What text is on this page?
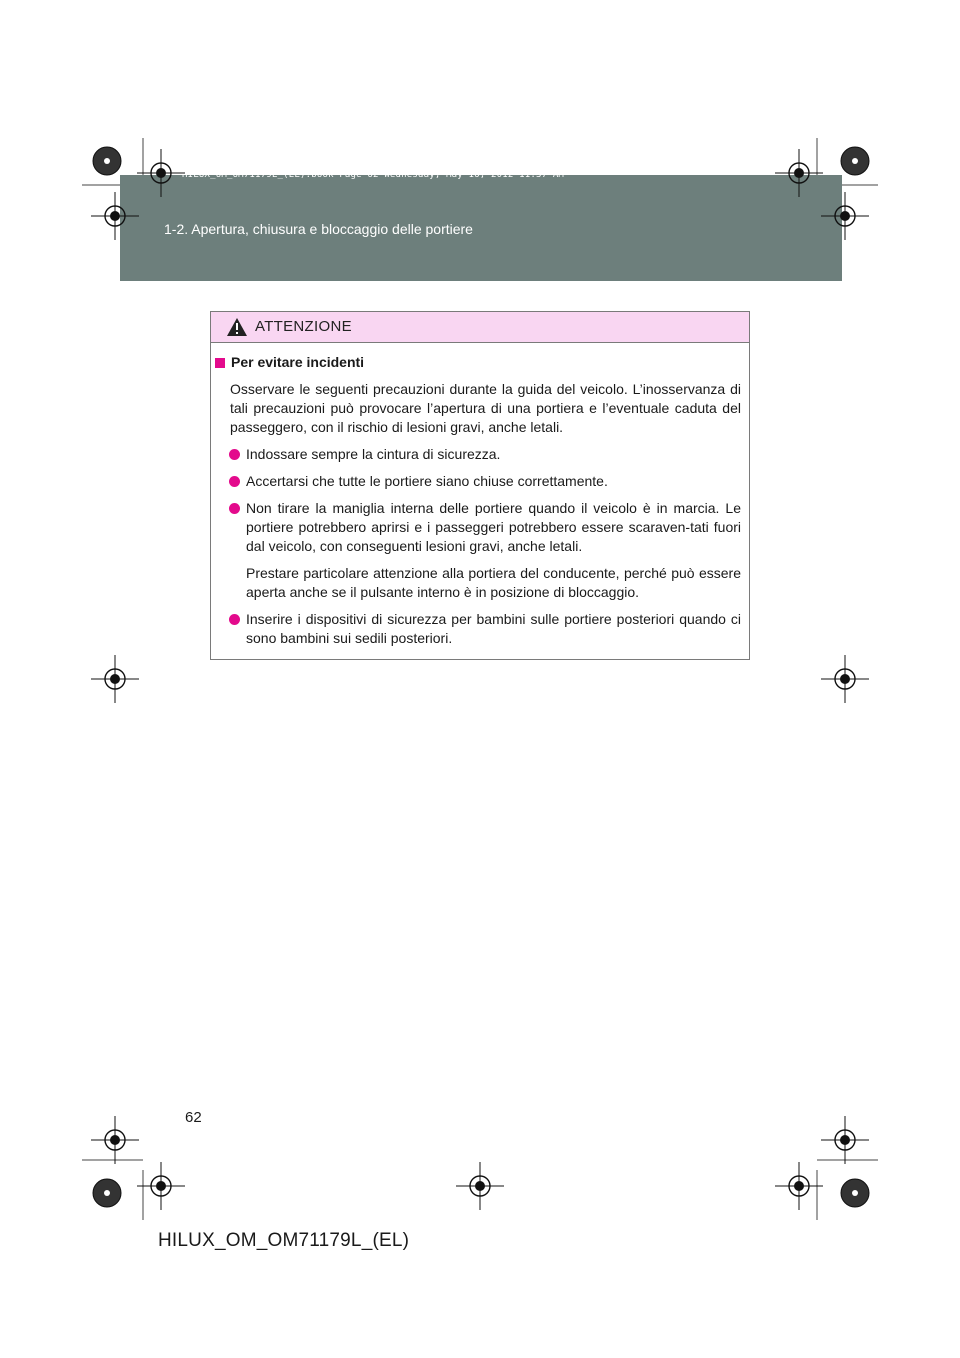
1-2. Apertura, chiusura e bloccaggio delle portiere
HILUX_OM_OM71179L_(EL).book Page 62 Wednesday, May 16, 2012 11:37 AM
ATTENZIONE
Per evitare incidenti
Osservare le seguenti precauzioni durante la guida del veicolo. L’inosservanza di tali precauzioni può provocare l’apertura di una portiera e l’eventuale caduta del passeggero, con il rischio di lesioni gravi, anche letali.

Indossare sempre la cintura di sicurezza.

Accertarsi che tutte le portiere siano chiuse correttamente.

Non tirare la maniglia interna delle portiere quando il veicolo è in marcia. Le portiere potrebbero aprirsi e i passeggeri potrebbero essere scaraven-tati fuori dal veicolo, con conseguenti lesioni gravi, anche letali.

Prestare particolare attenzione alla portiera del conducente, perché può essere aperta anche se il pulsante interno è in posizione di bloccaggio.

Inserire i dispositivi di sicurezza per bambini sulle portiere posteriori quando ci sono bambini sui sedili posteriori.

62
HILUX_OM_OM71179L_(EL)
